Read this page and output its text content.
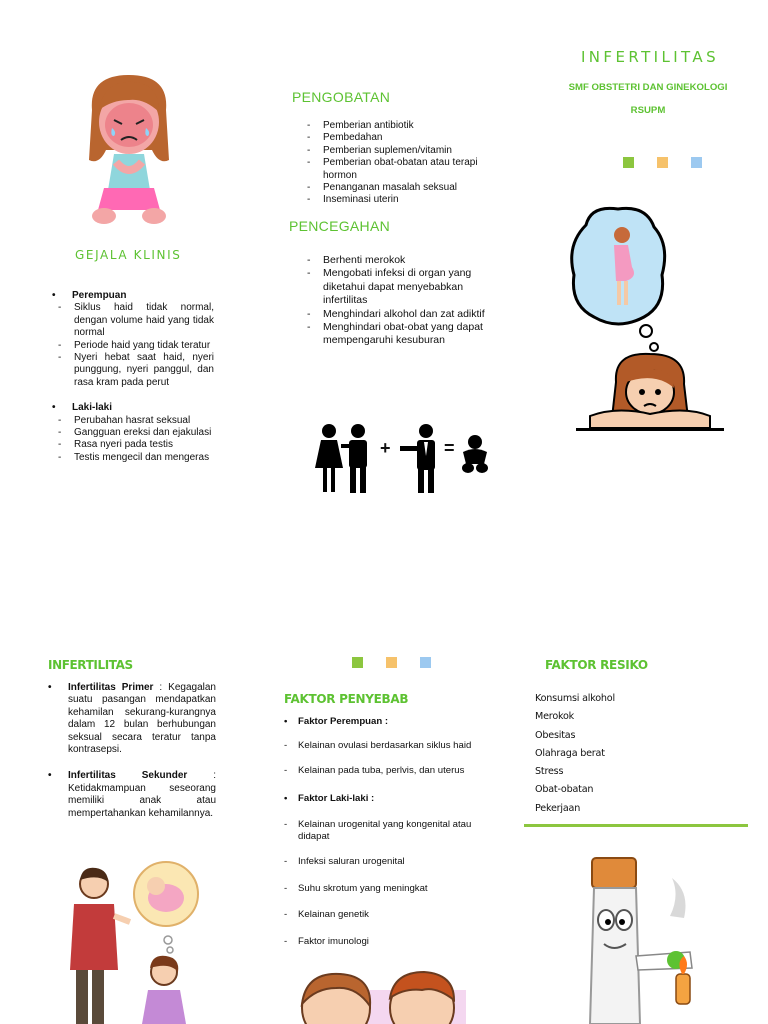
GEJALA KLINIS
• Perempuan
- Siklus haid tidak normal, dengan volume haid yang tidak normal
- Periode haid yang tidak teratur
- Nyeri hebat saat haid, nyeri punggung, nyeri panggul, dan rasa kram pada perut
• Laki-laki
- Perubahan hasrat seksual
- Gangguan ereksi dan ejakulasi
- Rasa nyeri pada testis
- Testis mengecil dan mengeras
PENGOBATAN
- Pemberian antibiotik
- Pembedahan
- Pemberian suplemen/vitamin
- Pemberian obat-obatan atau terapi hormon
- Penanganan masalah seksual
- Inseminasi uterin
PENCEGAHAN
- Berhenti merokok
- Mengobati infeksi di organ yang diketahui dapat menyebabkan infertilitas
- Menghindari alkohol dan zat adiktif
- Menghindari obat-obat yang dapat mempengaruhi kesuburan
+	=
INFERTILITAS
SMF OBSTETRI DAN GINEKOLOGI
RSUPM
INFERTILITAS
• Infertilitas Primer : Kegagalan suatu pasangan mendapatkan kehamilan sekurang-kurangnya dalam 12 bulan berhubungan seksual secara teratur tanpa kontrasepsi.
• Infertilitas Sekunder : Ketidakmampuan seseorang memiliki anak atau mempertahankan kehamilannya.
FAKTOR PENYEBAB
• Faktor Perempuan :
- Kelainan ovulasi berdasarkan siklus haid
- Kelainan pada tuba, perlvis, dan uterus
• Faktor Laki-laki :
- Kelainan urogenital yang kongenital atau didapat
- Infeksi saluran urogenital
- Suhu skrotum yang meningkat
- Kelainan genetik
- Faktor imunologi
FAKTOR RESIKO
Konsumsi alkohol
Merokok
Obesitas
Olahraga berat
Stress
Obat-obatan
Pekerjaan
